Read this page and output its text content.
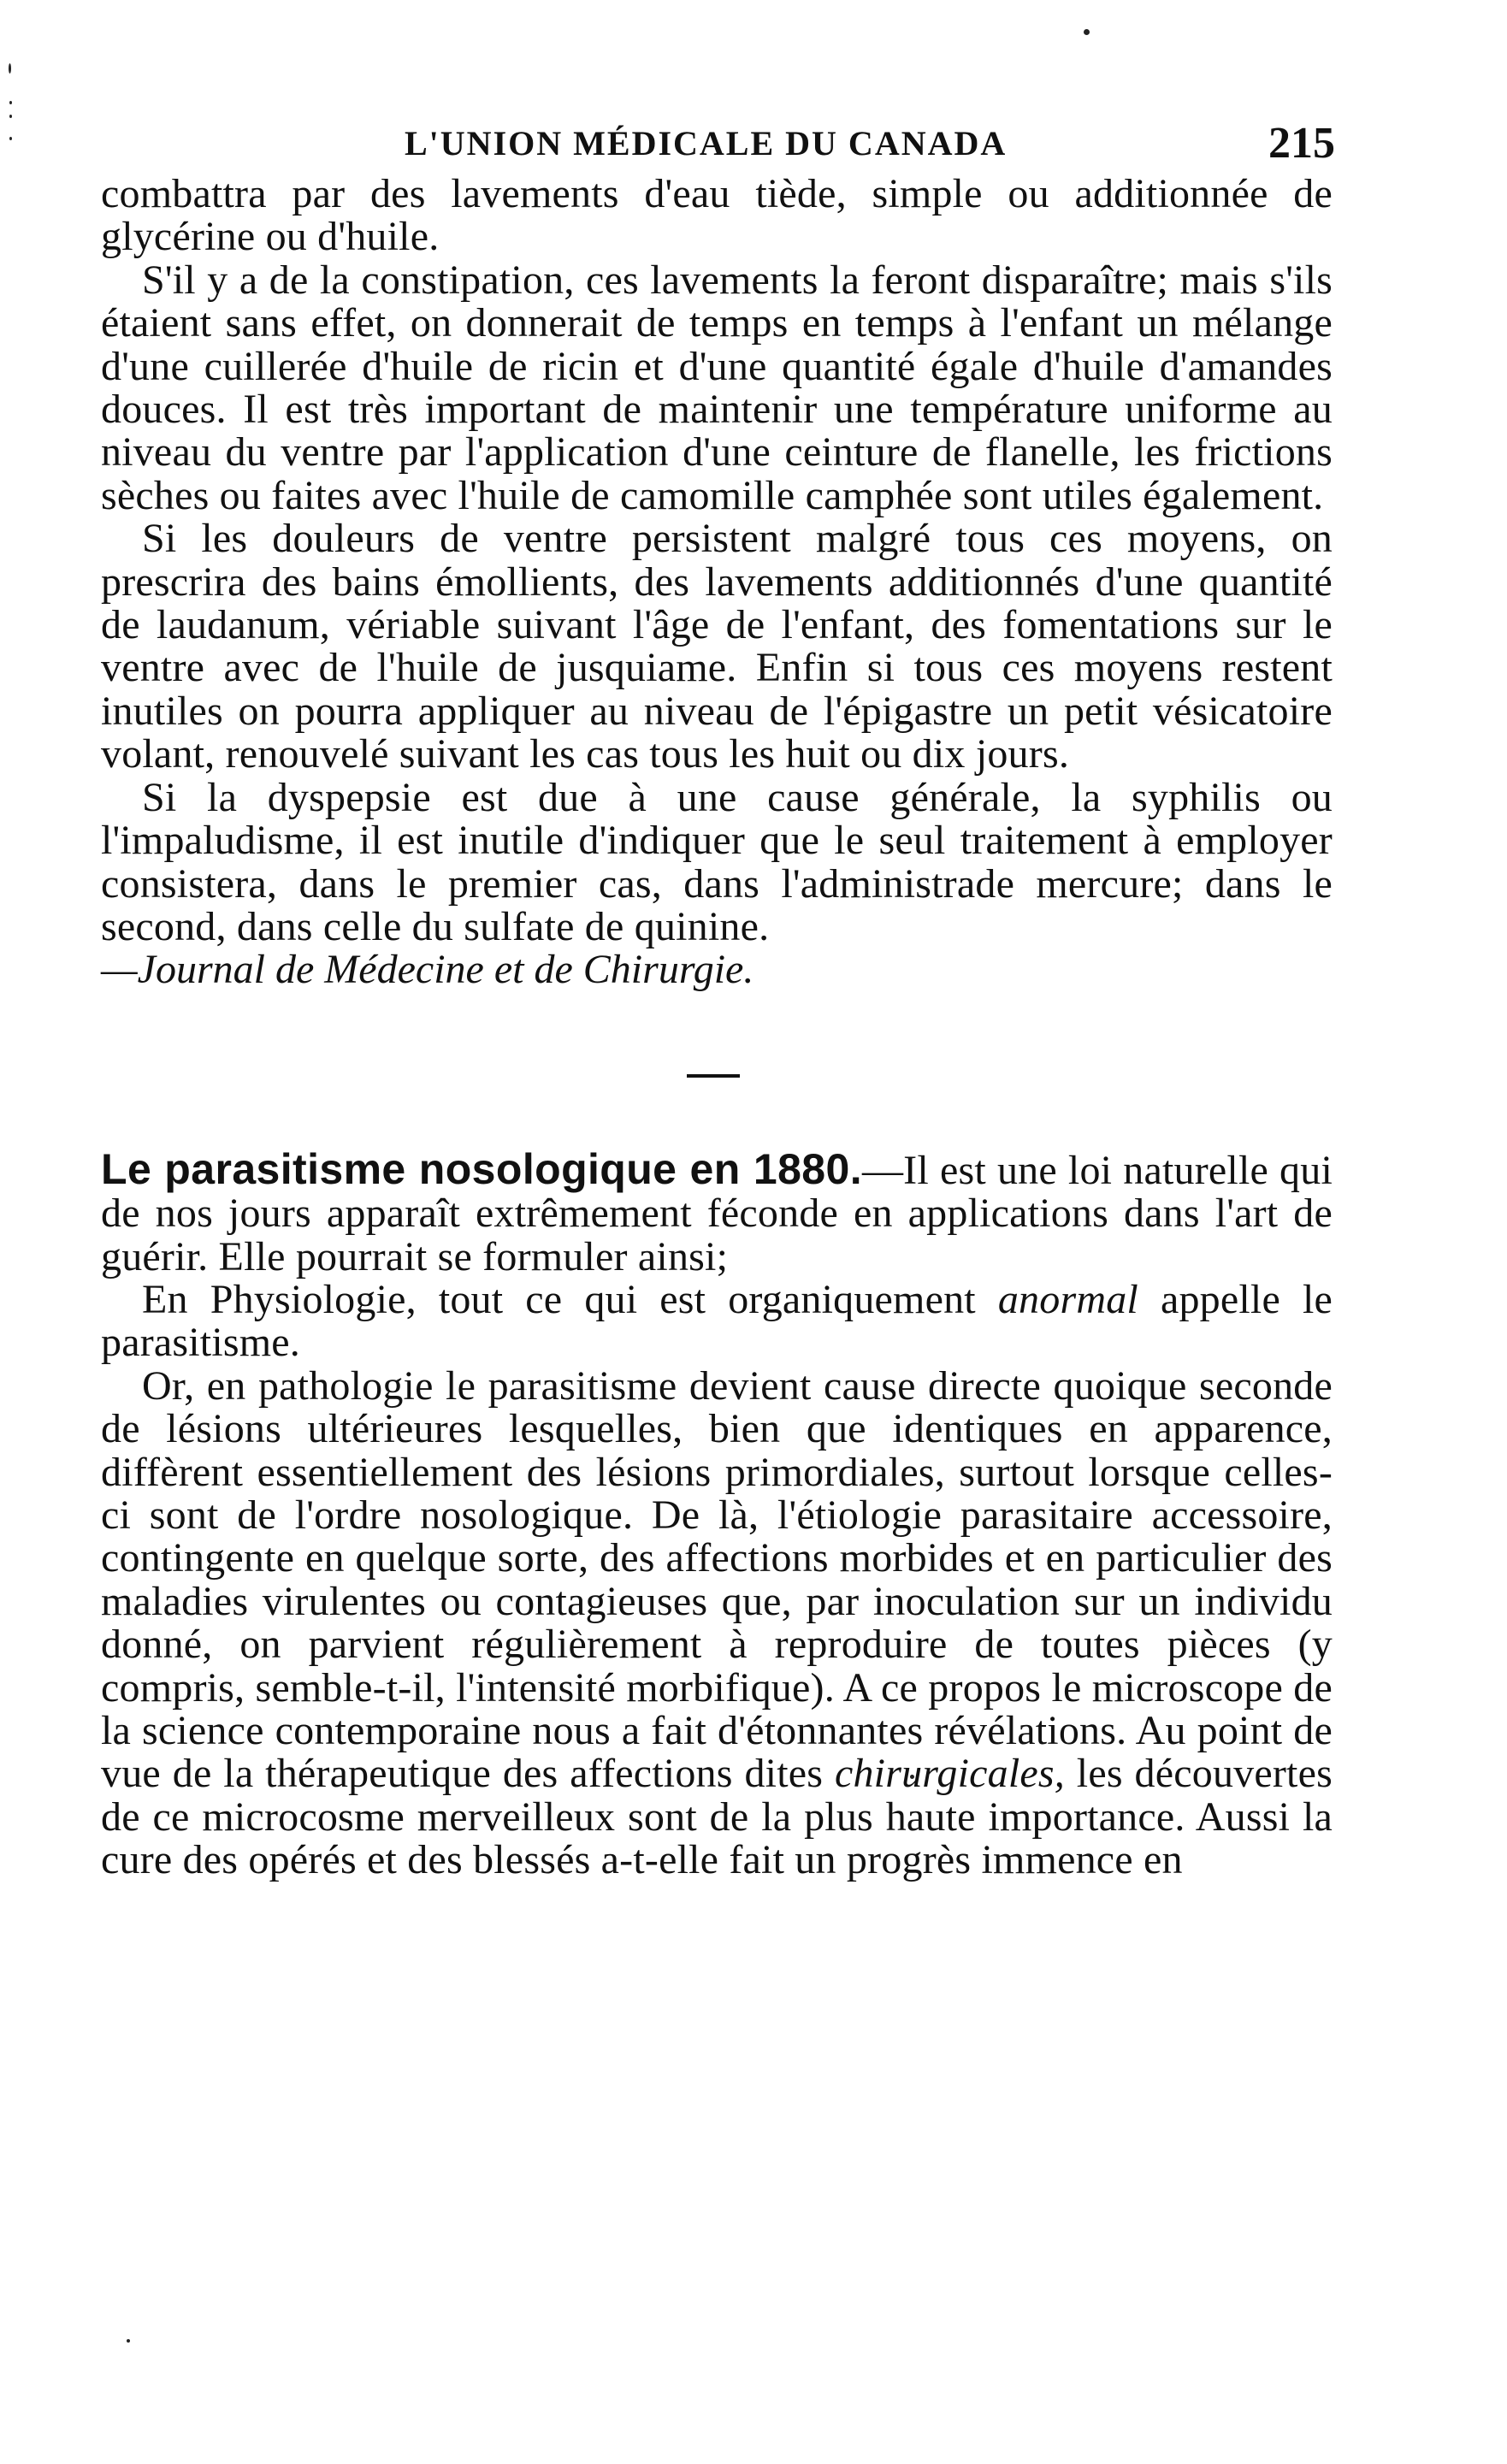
L'UNION MÉDICALE DU CANADA	215

combattra par des lavements d'eau tiède, simple ou additionnée de glycérine ou d'huile.

S'il y a de la constipation, ces lavements la feront disparaître; mais s'ils étaient sans effet, on donnerait de temps en temps à l'enfant un mélange d'une cuillerée d'huile de ricin et d'une quantité égale d'huile d'amandes douces. Il est très important de maintenir une température uniforme au niveau du ventre par l'application d'une ceinture de flanelle, les frictions sèches ou faites avec l'huile de camomille camphée sont utiles également.

Si les douleurs de ventre persistent malgré tous ces moyens, on prescrira des bains émollients, des lavements additionnés d'une quantité de laudanum, vériable suivant l'âge de l'enfant, des fomentations sur le ventre avec de l'huile de jusquiame. Enfin si tous ces moyens restent inutiles on pourra appliquer au niveau de l'épigastre un petit vésicatoire volant, renouvelé suivant les cas tous les huit ou dix jours.

Si la dyspepsie est due à une cause générale, la syphilis ou l'impaludisme, il est inutile d'indiquer que le seul traitement à employer consistera, dans le premier cas, dans l'administrade mercure; dans le second, dans celle du sulfate de quinine.

—Journal de Médecine et de Chirurgie.

Le parasitisme nosologique en 1880.—Il est une loi naturelle qui de nos jours apparaît extrêmement féconde en applications dans l'art de guérir. Elle pourrait se formuler ainsi;

En Physiologie, tout ce qui est organiquement anormal appelle le parasitisme.

Or, en pathologie le parasitisme devient cause directe quoique seconde de lésions ultérieures lesquelles, bien que identiques en apparence, diffèrent essentiellement des lésions primordiales, surtout lorsque celles-ci sont de l'ordre nosologique. De là, l'étiologie parasitaire accessoire, contingente en quelque sorte, des affections morbides et en particulier des maladies virulentes ou contagieuses que, par inoculation sur un individu donné, on parvient régulièrement à reproduire de toutes pièces (y compris, semble-t-il, l'intensité morbifique). A ce propos le microscope de la science contemporaine nous a fait d'étonnantes révélations. Au point de vue de la thérapeutique des affections dites chirurgicales, les découvertes de ce microcosme merveilleux sont de la plus haute importance. Aussi la cure des opérés et des blessés a-t-elle fait un progrès immence en
